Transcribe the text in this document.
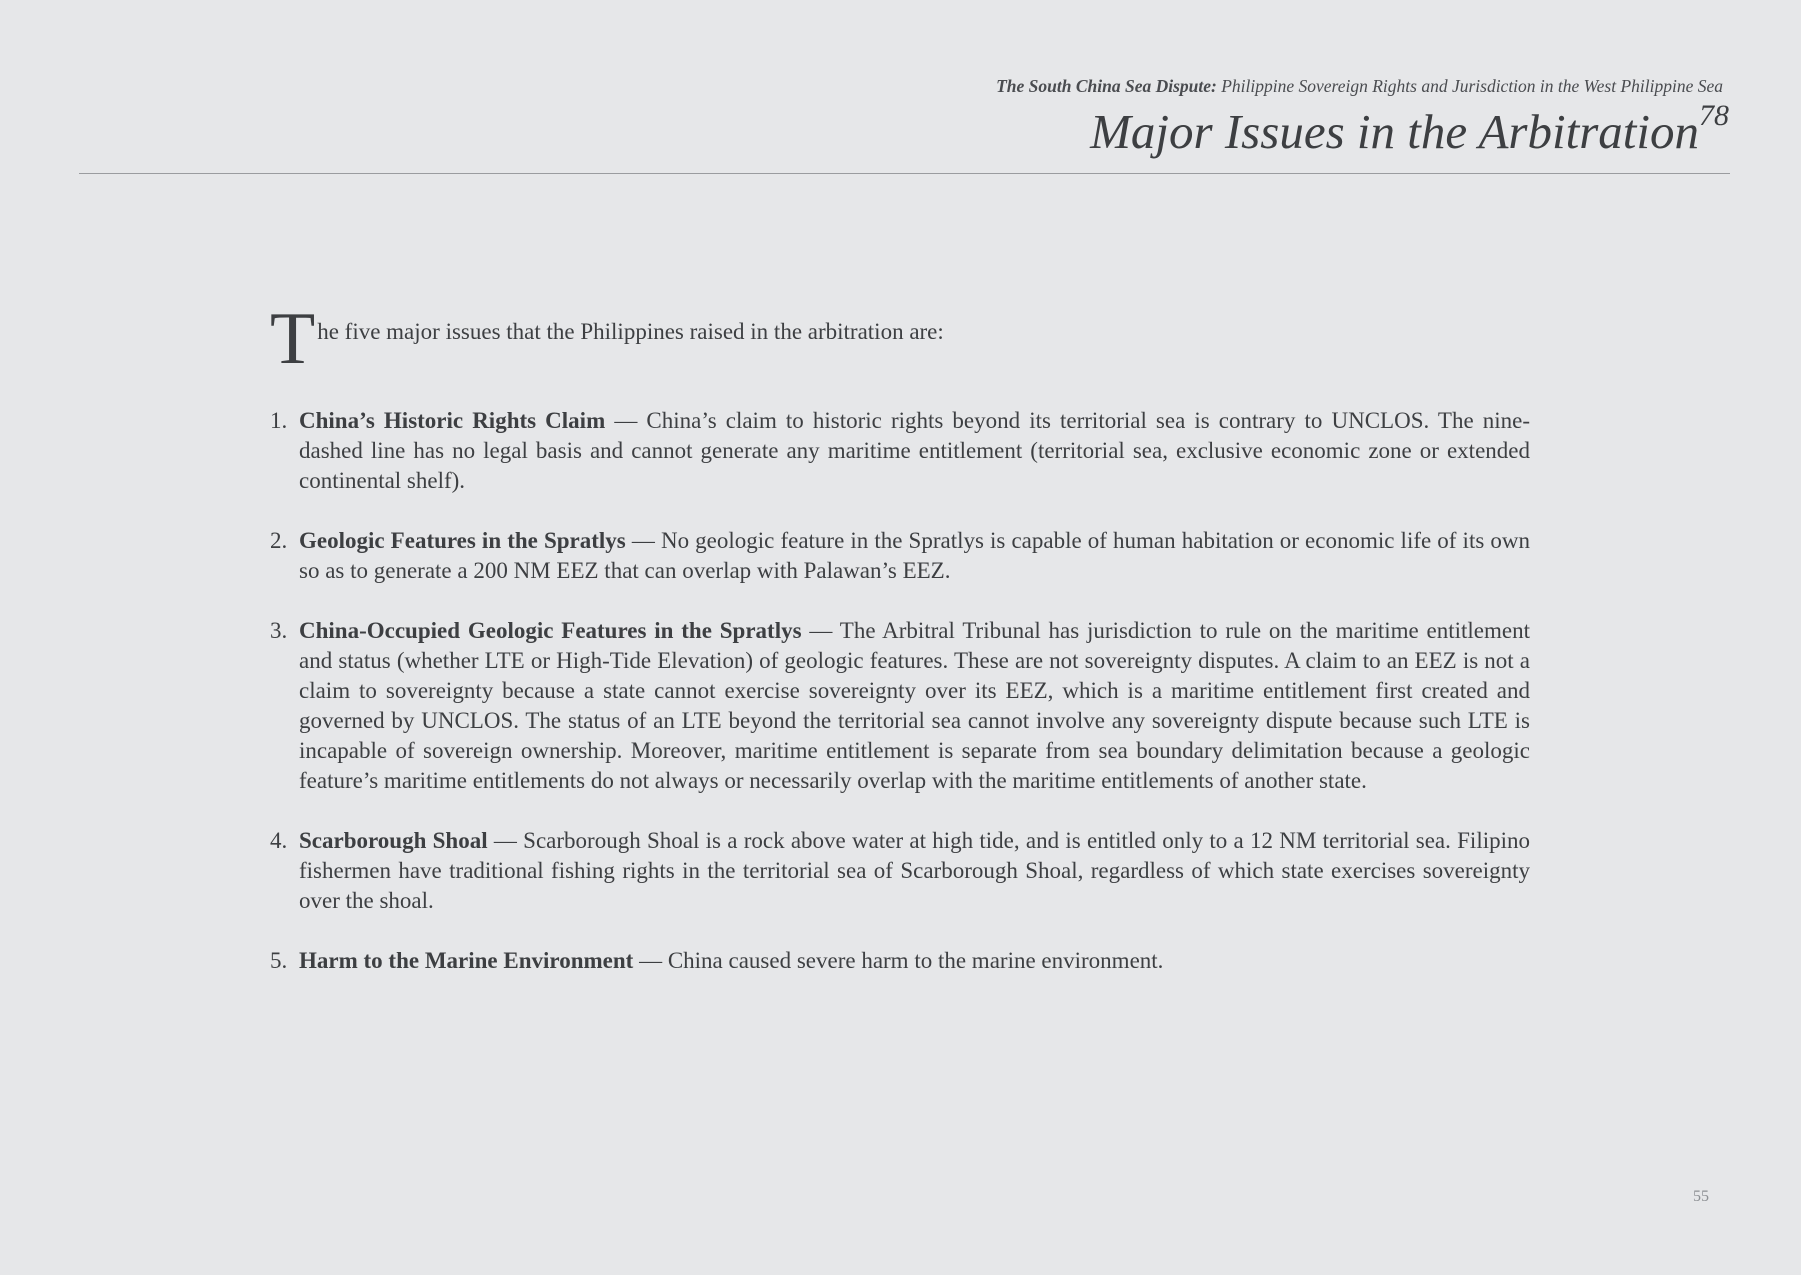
The South China Sea Dispute: Philippine Sovereign Rights and Jurisdiction in the West Philippine Sea
Major Issues in the Arbitration$^{78}$

The five major issues that the Philippines raised in the arbitration are:

1. China’s Historic Rights Claim — China’s claim to historic rights beyond its territorial sea is contrary to UNCLOS. The nine-dashed line has no legal basis and cannot generate any maritime entitlement (territorial sea, exclusive economic zone or extended continental shelf).

2. Geologic Features in the Spratlys — No geologic feature in the Spratlys is capable of human habitation or economic life of its own so as to generate a 200 NM EEZ that can overlap with Palawan’s EEZ.

3. China-Occupied Geologic Features in the Spratlys — The Arbitral Tribunal has jurisdiction to rule on the maritime entitlement and status (whether LTE or High-Tide Elevation) of geologic features. These are not sovereignty disputes. A claim to an EEZ is not a claim to sovereignty because a state cannot exercise sovereignty over its EEZ, which is a maritime entitlement first created and governed by UNCLOS. The status of an LTE beyond the territorial sea cannot involve any sovereignty dispute because such LTE is incapable of sovereign ownership. Moreover, maritime entitlement is separate from sea boundary delimitation because a geologic feature’s maritime entitlements do not always or necessarily overlap with the maritime entitlements of another state.

4. Scarborough Shoal — Scarborough Shoal is a rock above water at high tide, and is entitled only to a 12 NM territorial sea. Filipino fishermen have traditional fishing rights in the territorial sea of Scarborough Shoal, regardless of which state exercises sovereignty over the shoal.

5. Harm to the Marine Environment — China caused severe harm to the marine environment.

55
